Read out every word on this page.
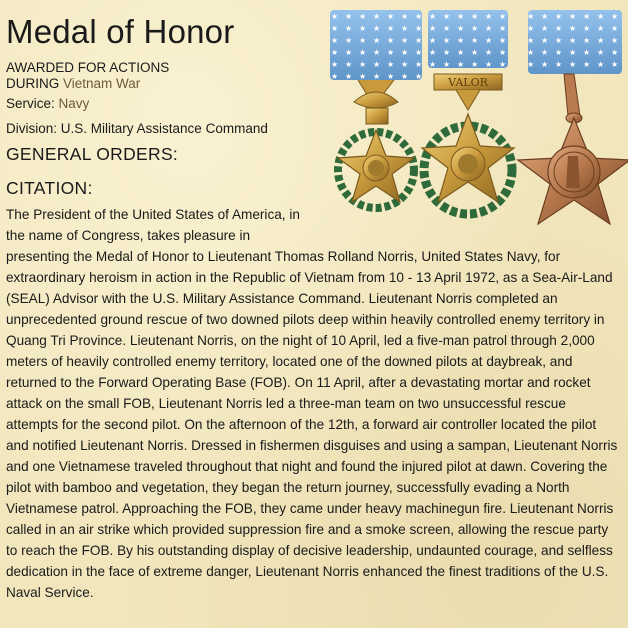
VALOR
Medal of Honor
AWARDED FOR ACTIONS
DURING Vietnam War
Service: Navy
Division: U.S. Military Assistance Command
GENERAL ORDERS:
CITATION:

The President of the United States of America, in the name of Congress, takes pleasure in presenting the Medal of Honor to Lieutenant Thomas Rolland Norris, United States Navy, for extraordinary heroism in action in the Republic of Vietnam from 10 - 13 April 1972, as a Sea-Air-Land (SEAL) Advisor with the U.S. Military Assistance Command. Lieutenant Norris completed an unprecedented ground rescue of two downed pilots deep within heavily controlled enemy territory in Quang Tri Province. Lieutenant Norris, on the night of 10 April, led a five-man patrol through 2,000 meters of heavily controlled enemy territory, located one of the downed pilots at daybreak, and returned to the Forward Operating Base (FOB). On 11 April, after a devastating mortar and rocket attack on the small FOB, Lieutenant Norris led a three-man team on two unsuccessful rescue attempts for the second pilot. On the afternoon of the 12th, a forward air controller located the pilot and notified Lieutenant Norris. Dressed in fishermen disguises and using a sampan, Lieutenant Norris and one Vietnamese traveled throughout that night and found the injured pilot at dawn. Covering the pilot with bamboo and vegetation, they began the return journey, successfully evading a North Vietnamese patrol. Approaching the FOB, they came under heavy machinegun fire. Lieutenant Norris called in an air strike which provided suppression fire and a smoke screen, allowing the rescue party to reach the FOB. By his outstanding display of decisive leadership, undaunted courage, and selfless dedication in the face of extreme danger, Lieutenant Norris enhanced the finest traditions of the U.S. Naval Service.
